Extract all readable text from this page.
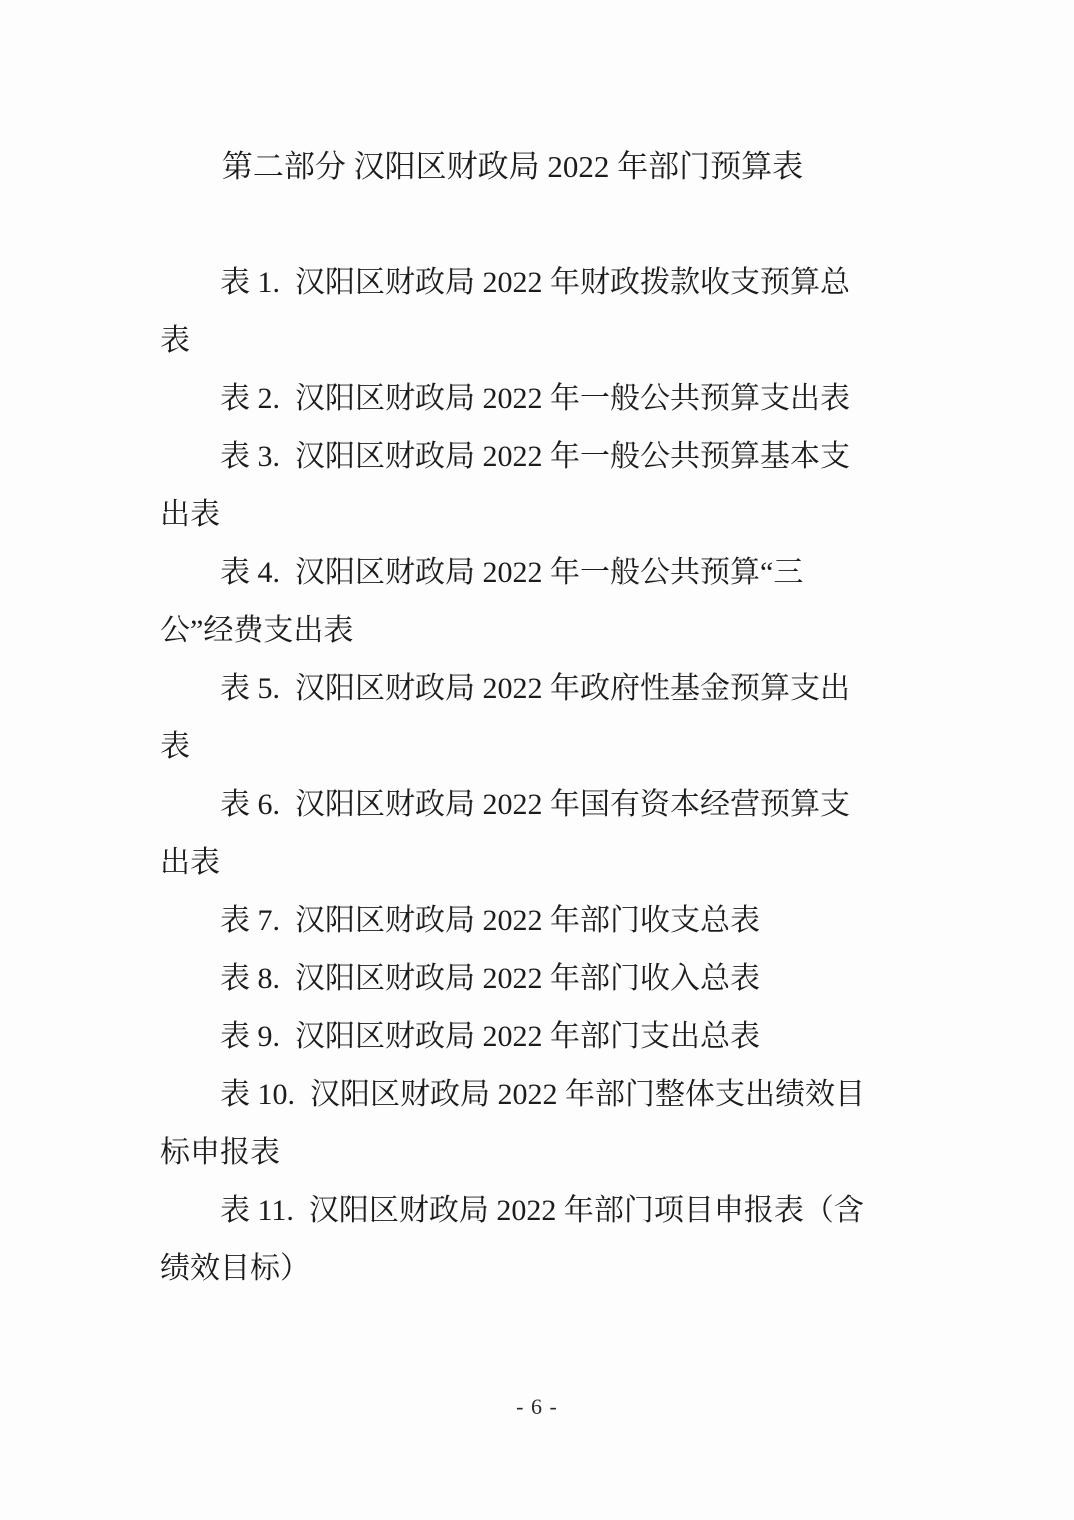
第二部分 汉阳区财政局 2022 年部门预算表

表 1.  汉阳区财政局 2022 年财政拨款收支预算总表

表 2.  汉阳区财政局 2022 年一般公共预算支出表

表 3.  汉阳区财政局 2022 年一般公共预算基本支出表

表 4.  汉阳区财政局 2022 年一般公共预算“三公”经费支出表

表 5.  汉阳区财政局 2022 年政府性基金预算支出表

表 6.  汉阳区财政局 2022 年国有资本经营预算支出表

表 7.  汉阳区财政局 2022 年部门收支总表

表 8.  汉阳区财政局 2022 年部门收入总表

表 9.  汉阳区财政局 2022 年部门支出总表

表 10.  汉阳区财政局 2022 年部门整体支出绩效目标申报表

表 11.  汉阳区财政局 2022 年部门项目申报表（含绩效目标）

- 6 -
